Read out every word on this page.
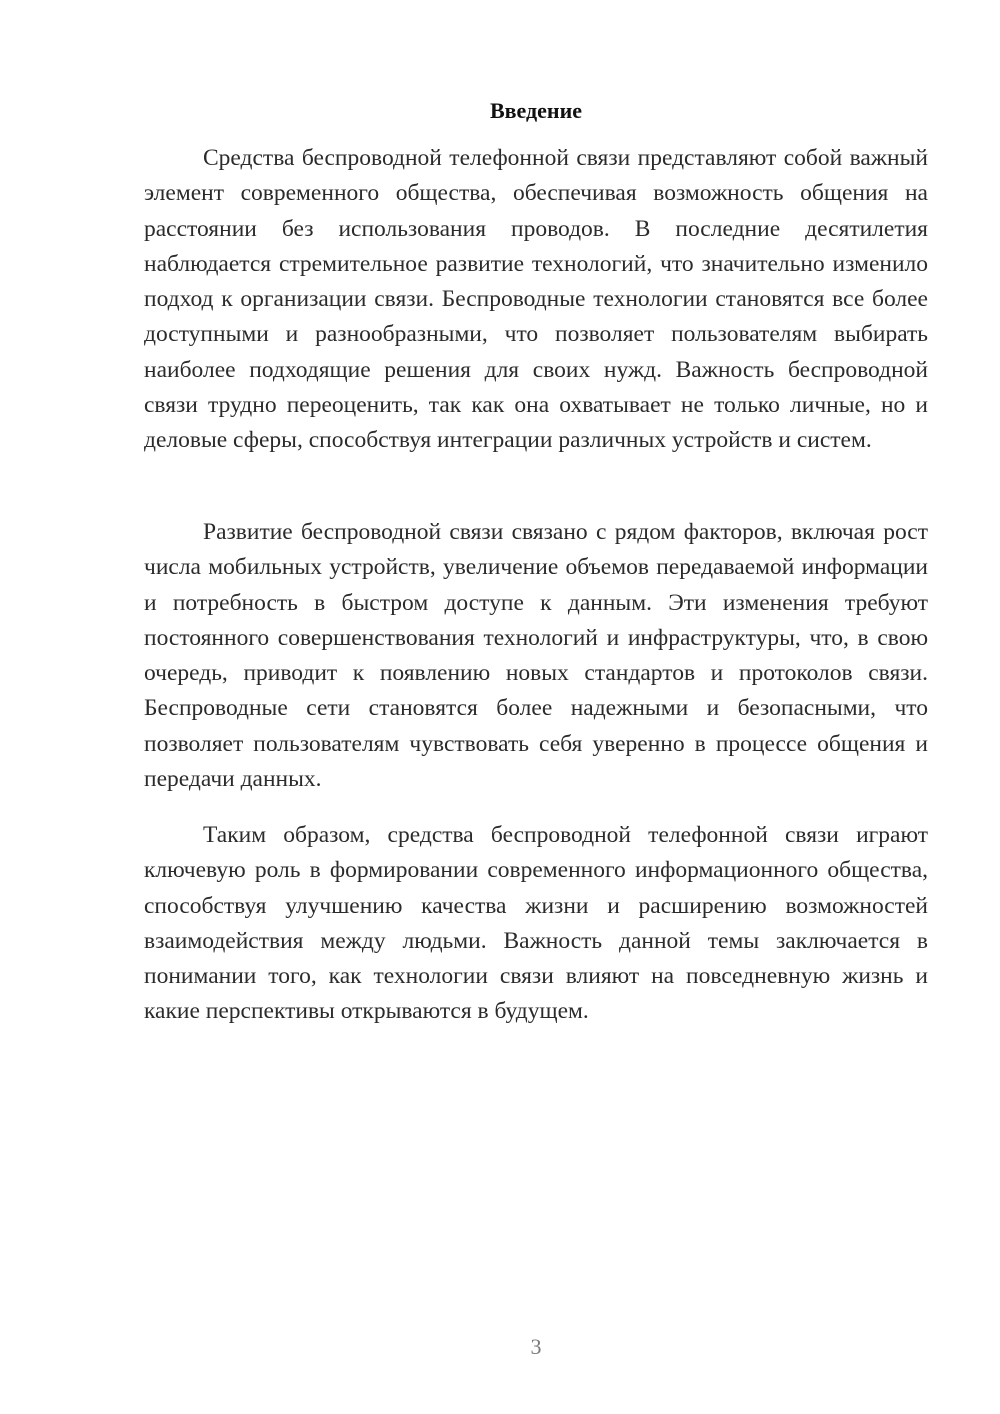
Введение

Средства беспроводной телефонной связи представляют собой важный элемент современного общества, обеспечивая возможность общения на расстоянии без использования проводов. В последние десятилетия наблюдается стремительное развитие технологий, что значительно изменило подход к организации связи. Беспроводные технологии становятся все более доступными и разнообразными, что позволяет пользователям выбирать наиболее подходящие решения для своих нужд. Важность беспроводной связи трудно переоценить, так как она охватывает не только личные, но и деловые сферы, способствуя интеграции различных устройств и систем.

Развитие беспроводной связи связано с рядом факторов, включая рост числа мобильных устройств, увеличение объемов передаваемой информации и потребность в быстром доступе к данным. Эти изменения требуют постоянного совершенствования технологий и инфраструктуры, что, в свою очередь, приводит к появлению новых стандартов и протоколов связи. Беспроводные сети становятся более надежными и безопасными, что позволяет пользователям чувствовать себя уверенно в процессе общения и передачи данных.

Таким образом, средства беспроводной телефонной связи играют ключевую роль в формировании современного информационного общества, способствуя улучшению качества жизни и расширению возможностей взаимодействия между людьми. Важность данной темы заключается в понимании того, как технологии связи влияют на повседневную жизнь и какие перспективы открываются в будущем.

3
